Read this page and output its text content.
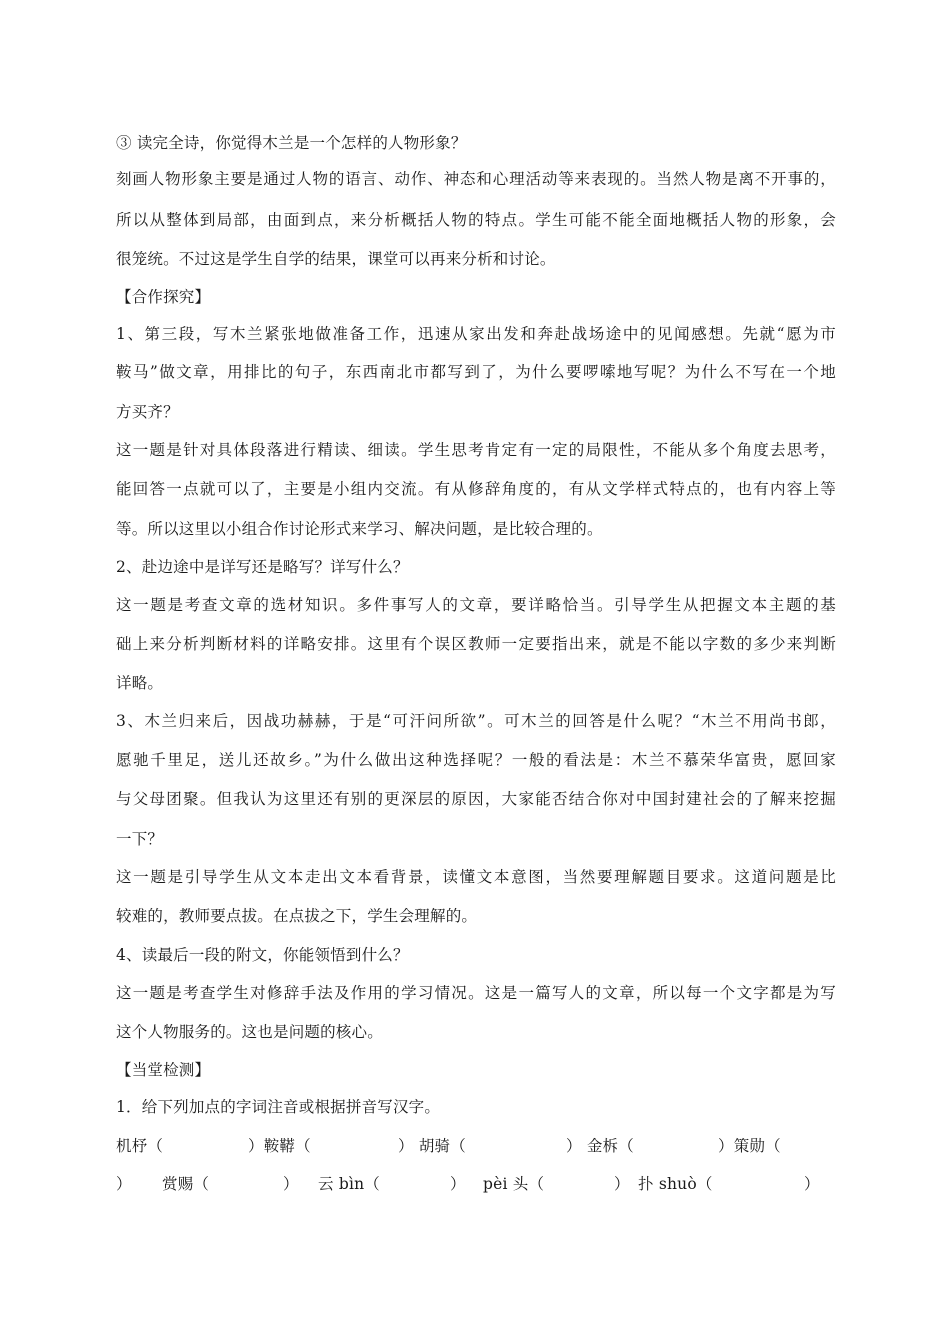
③ 读完全诗，你觉得木兰是一个怎样的人物形象？
刻画人物形象主要是通过人物的语言、动作、神态和心理活动等来表现的。当然人物是离不开事的，
所以从整体到局部，由面到点，来分析概括人物的特点。学生可能不能全面地概括人物的形象，会
很笼统。不过这是学生自学的结果，课堂可以再来分析和讨论。
【合作探究】
1、第三段，写木兰紧张地做准备工作，迅速从家出发和奔赴战场途中的见闻感想。先就“愿为市
鞍马”做文章，用排比的句子，东西南北市都写到了，为什么要啰嗦地写呢？为什么不写在一个地
方买齐？
这一题是针对具体段落进行精读、细读。学生思考肯定有一定的局限性，不能从多个角度去思考，
能回答一点就可以了，主要是小组内交流。有从修辞角度的，有从文学样式特点的，也有内容上等
等。所以这里以小组合作讨论形式来学习、解决问题，是比较合理的。
2、赴边途中是详写还是略写？详写什么？
这一题是考查文章的选材知识。多件事写人的文章，要详略恰当。引导学生从把握文本主题的基
础上来分析判断材料的详略安排。这里有个误区教师一定要指出来，就是不能以字数的多少来判断
详略。
3、木兰归来后，因战功赫赫，于是“可汗问所欲”。可木兰的回答是什么呢？“木兰不用尚书郎，
愿驰千里足，送儿还故乡。”为什么做出这种选择呢？一般的看法是：木兰不慕荣华富贵，愿回家
与父母团聚。但我认为这里还有别的更深层的原因，大家能否结合你对中国封建社会的了解来挖掘
一下？
这一题是引导学生从文本走出文本看背景，读懂文本意图，当然要理解题目要求。这道问题是比
较难的，教师要点拔。在点拔之下，学生会理解的。
4、读最后一段的附文，你能领悟到什么？
这一题是考查学生对修辞手法及作用的学习情况。这是一篇写人的文章，所以每一个文字都是为写
这个人物服务的。这也是问题的核心。
【当堂检测】
1．给下列加点的字词注音或根据拼音写汉字。
机杼（	）鞍鞯（	） 胡骑（	） 金柝（	）策勋（
） 赏赐（	） 云 bìn（	） pèi 头（	） 扑 shuò（	）
